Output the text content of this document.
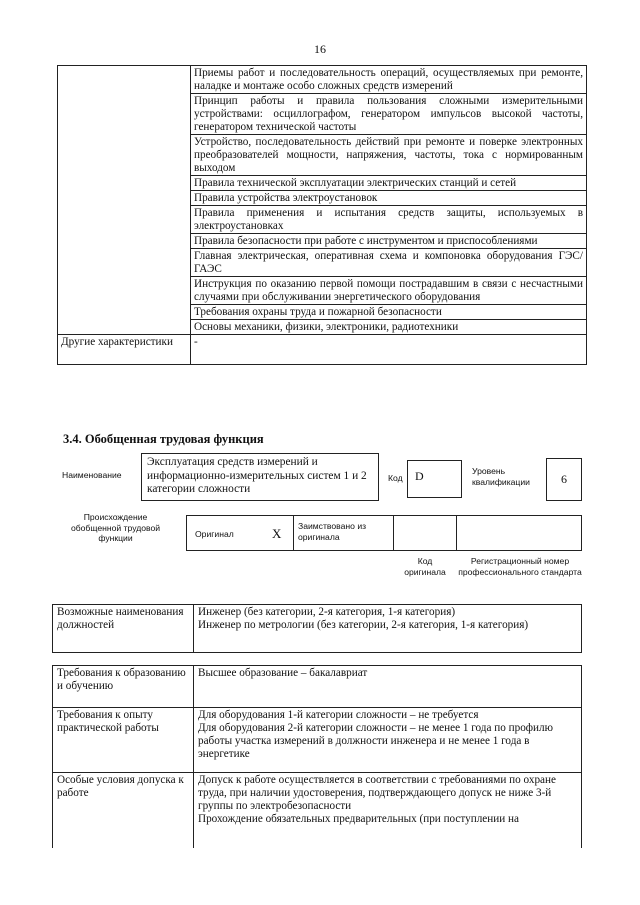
16
	Приемы работ и последовательность операций, осуществляемых при ремонте, наладке и монтаже особо сложных средств измерений
	Принцип работы и правила пользования сложными измерительными устройствами: осциллографом, генератором импульсов высокой частоты, генератором технической частоты
	Устройство, последовательность действий при ремонте и поверке электронных преобразователей мощности, напряжения, частоты, тока с нормированным выходом
	Правила технической эксплуатации электрических станций и сетей
	Правила устройства электроустановок
	Правила применения и испытания средств защиты, используемых в электроустановках
	Правила безопасности при работе с инструментом и приспособлениями
	Главная электрическая, оперативная схема и компоновка оборудования ГЭС/ГАЭС
	Инструкция по оказанию первой помощи пострадавшим в связи с несчастными случаями при обслуживании энергетического оборудования
	Требования охраны труда и пожарной безопасности
	Основы механики, физики, электроники, радиотехники
Другие характеристики	-
3.4. Обобщенная трудовая функция
Наименование
Эксплуатация средств измерений и информационно-измерительных систем 1 и 2 категории сложности
Код	D	Уровень квалификации	6
Происхождение обобщенной трудовой функции	Оригинал	X Заимствовано из оригинала
Код оригинала
Регистрационный номер профессионального стандарта
Возможные наименования должностей	Инженер (без категории, 2-я категория, 1-я категория)
Инженер по метрологии (без категории, 2-я категория, 1-я категория)
Требования к образованию и обучению	Высшее образование – бакалавриат
Требования к опыту практической работы	Для оборудования 1-й категории сложности – не требуется
Для оборудования 2-й категории сложности – не менее 1 года по профилю работы участка измерений в должности инженера и не менее 1 года в энергетике
Особые условия допуска к работе	Допуск к работе осуществляется в соответствии с требованиями по охране труда, при наличии удостоверения, подтверждающего допуск не ниже 3-й группы по электробезопасности
Прохождение обязательных предварительных (при поступлении на
